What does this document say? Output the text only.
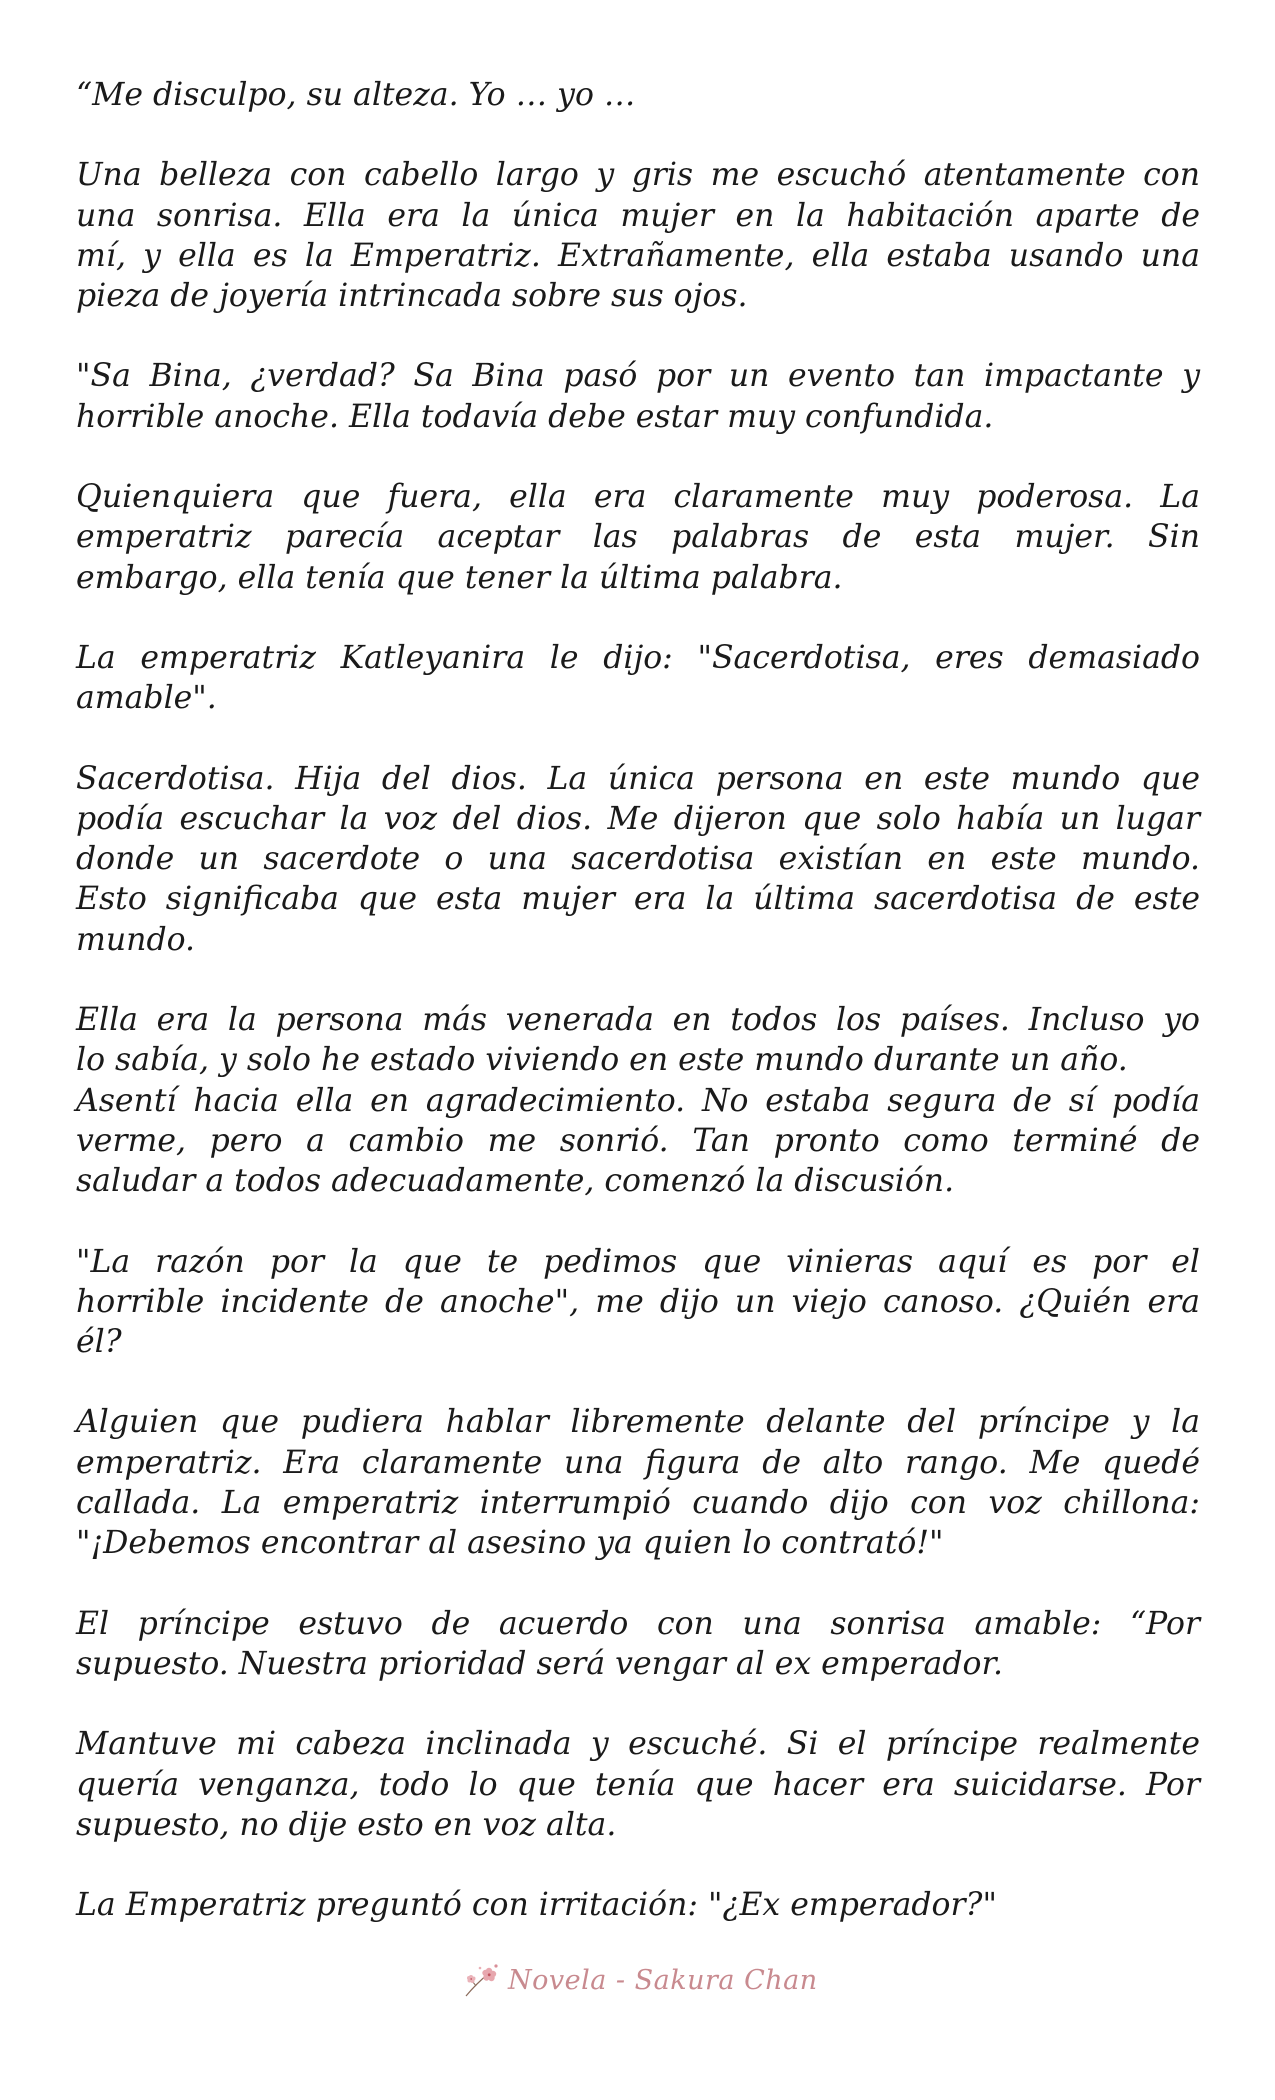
“Me disculpo, su alteza. Yo … yo …
Una belleza con cabello largo y gris me escuchó atentamente con
una sonrisa. Ella era la única mujer en la habitación aparte de
mí, y ella es la Emperatriz. Extrañamente, ella estaba usando una
pieza de joyería intrincada sobre sus ojos.
"Sa Bina, ¿verdad? Sa Bina pasó por un evento tan impactante y
horrible anoche. Ella todavía debe estar muy confundida.
Quienquiera que fuera, ella era claramente muy poderosa. La
emperatriz parecía aceptar las palabras de esta mujer. Sin
embargo, ella tenía que tener la última palabra.
La emperatriz Katleyanira le dijo: "Sacerdotisa, eres demasiado
amable".
Sacerdotisa. Hija del dios. La única persona en este mundo que
podía escuchar la voz del dios. Me dijeron que solo había un lugar
donde un sacerdote o una sacerdotisa existían en este mundo.
Esto significaba que esta mujer era la última sacerdotisa de este
mundo.
Ella era la persona más venerada en todos los países. Incluso yo
lo sabía, y solo he estado viviendo en este mundo durante un año.
Asentí hacia ella en agradecimiento. No estaba segura de sí podía
verme, pero a cambio me sonrió. Tan pronto como terminé de
saludar a todos adecuadamente, comenzó la discusión.
"La razón por la que te pedimos que vinieras aquí es por el
horrible incidente de anoche", me dijo un viejo canoso. ¿Quién era
él?
Alguien que pudiera hablar libremente delante del príncipe y la
emperatriz. Era claramente una figura de alto rango. Me quedé
callada. La emperatriz interrumpió cuando dijo con voz chillona:
"¡Debemos encontrar al asesino ya quien lo contrató!"
El príncipe estuvo de acuerdo con una sonrisa amable: “Por
supuesto. Nuestra prioridad será vengar al ex emperador.
Mantuve mi cabeza inclinada y escuché. Si el príncipe realmente
quería venganza, todo lo que tenía que hacer era suicidarse. Por
supuesto, no dije esto en voz alta.
La Emperatriz preguntó con irritación: "¿Ex emperador?"
Novela - Sakura Chan
